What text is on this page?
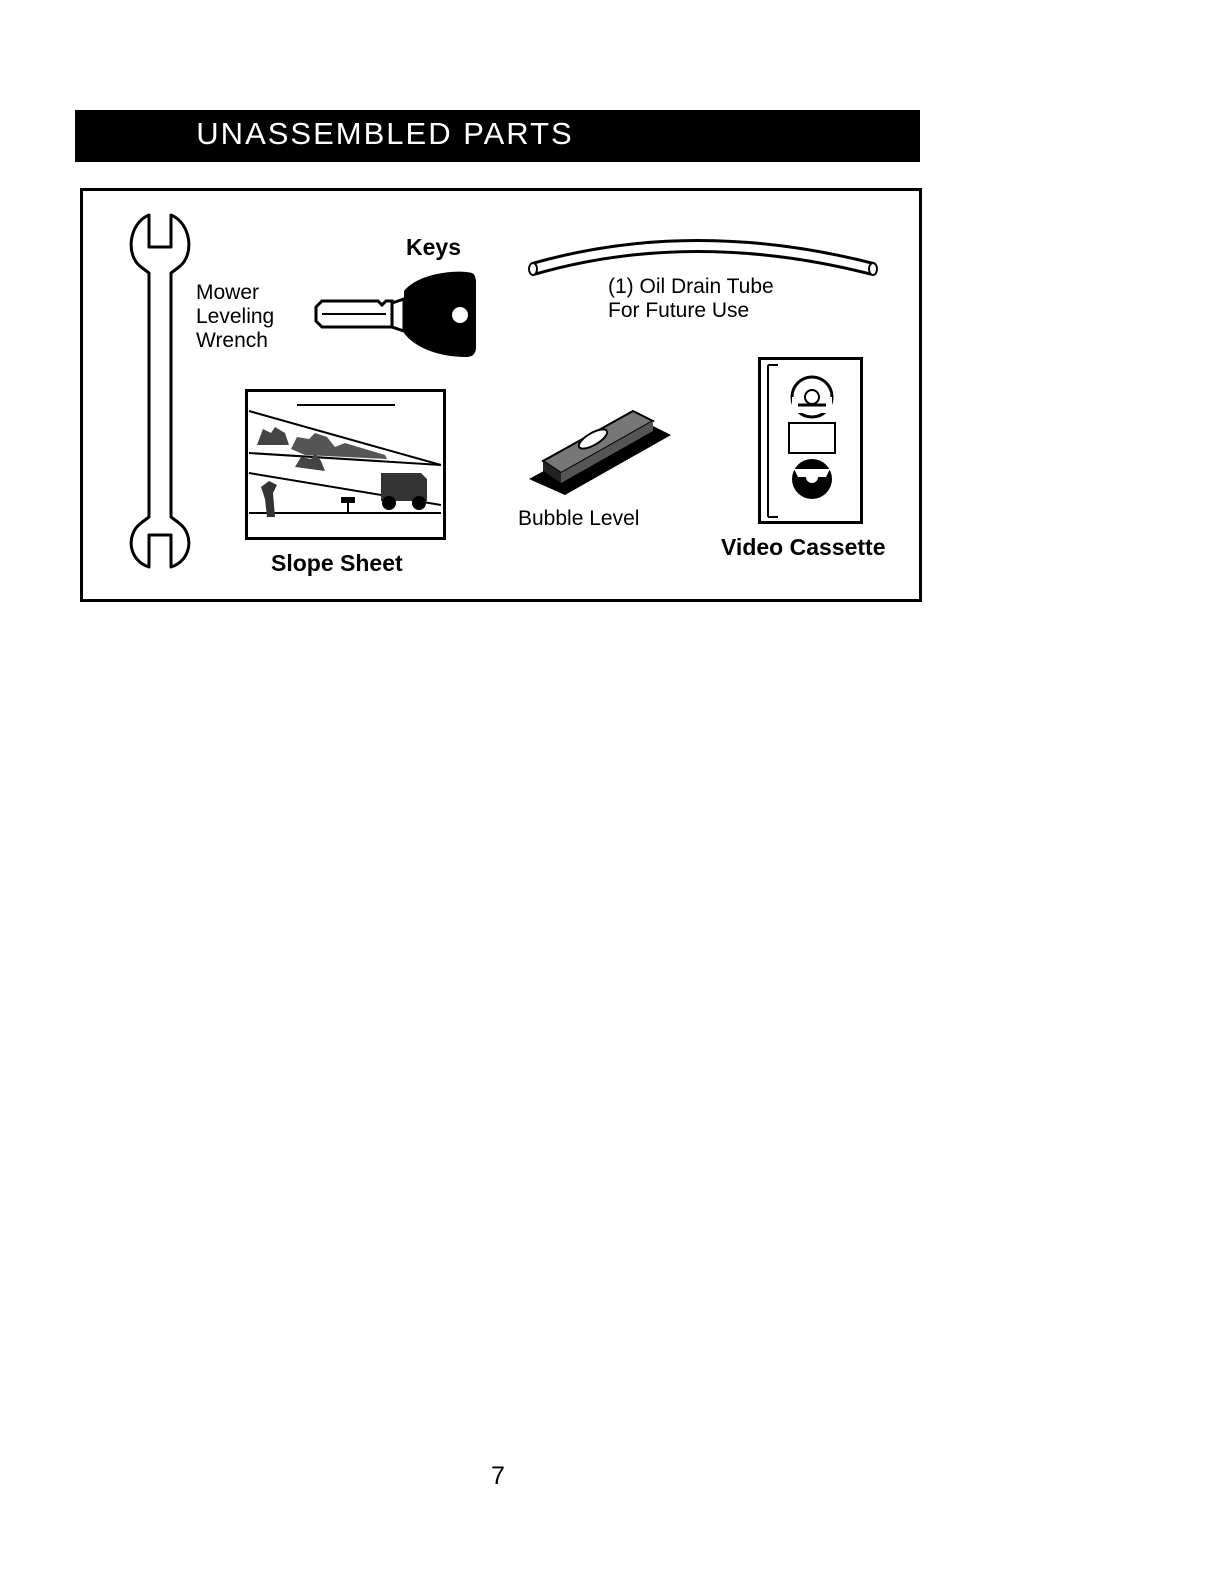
UNASSEMBLED PARTS
Mower
Leveling
Wrench
Keys
(1) Oil Drain Tube
For Future Use
Slope Sheet
Bubble Level
Video Cassette
7
